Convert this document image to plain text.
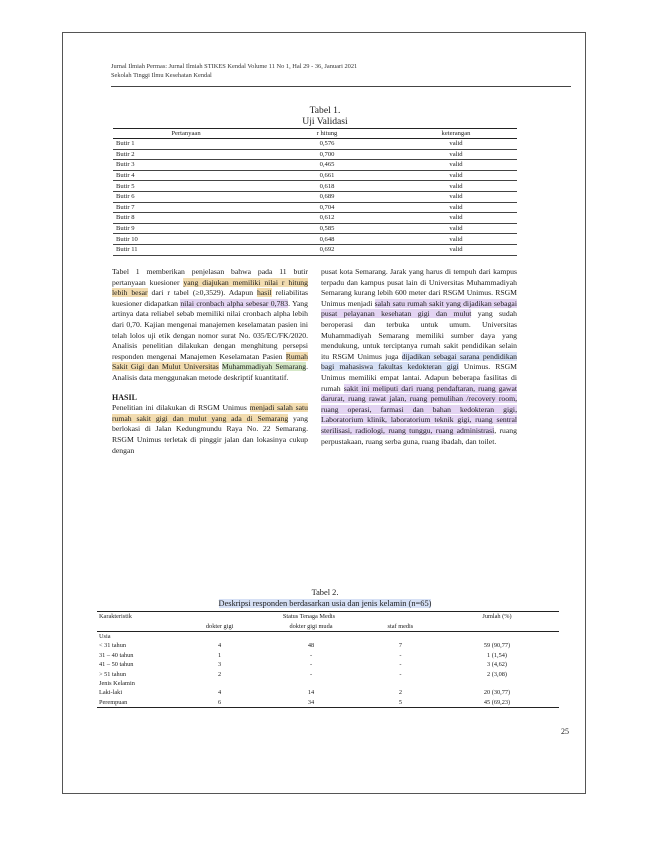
Jurnal Ilmiah Permas: Jurnal Ilmiah STIKES Kendal Volume 11 No 1, Hal 29 - 36, Januari 2021
Sekolah Tinggi Ilmu Kesehatan Kendal
Tabel 1.
Uji Validasi
Pertanyaan	r hitung	keterangan
Butir 1	0,576	valid
Butir 2	0,700	valid
Butir 3	0,465	valid
Butir 4	0,661	valid
Butir 5	0,618	valid
Butir 6	0,689	valid
Butir 7	0,704	valid
Butir 8	0,612	valid
Butir 9	0,585	valid
Butir 10	0,648	valid
Butir 11	0,692	valid

Tabel 1 memberikan penjelasan bahwa pada 11 butir pertanyaan kuesioner yang diajukan memiliki nilai r hitung lebih besar dari r tabel (≥0,3529). Adapun hasil reliabilitas kuesioner didapatkan nilai cronbach alpha sebesar 0,783. Yang artinya data reliabel sebab memiliki nilai cronbach alpha lebih dari 0,70. Kajian mengenai manajemen keselamatan pasien ini telah lolos uji etik dengan nomor surat No. 035/EC/FK/2020. Analisis penelitian dilakukan dengan menghitung persepsi responden mengenai Manajemen Keselamatan Pasien Rumah Sakit Gigi dan Mulut Universitas Muhammadiyah Semarang. Analisis data menggunakan metode deskriptif kuantitatif.

HASIL

Penelitian ini dilakukan di RSGM Unimus menjadi salah satu rumah sakit gigi dan mulut yang ada di Semarang yang berlokasi di Jalan Kedungmundu Raya No. 22 Semarang. RSGM Unimus terletak di pinggir jalan dan lokasinya cukup dengan

pusat kota Semarang. Jarak yang harus di tempuh dari kampus terpadu dan kampus pusat lain di Universitas Muhammadiyah Semarang kurang lebih 600 meter dari RSGM Unimus. RSGM Unimus menjadi salah satu rumah sakit yang dijadikan sebagai pusat pelayanan kesehatan gigi dan mulut yang sudah beroperasi dan terbuka untuk umum. Universitas Muhammadiyah Semarang memiliki sumber daya yang mendukung, untuk terciptanya rumah sakit pendidikan selain itu RSGM Unimus juga dijadikan sebagai sarana pendidikan bagi mahasiswa fakultas kedokteran gigi Unimus. RSGM Unimus memiliki empat lantai. Adapun beberapa fasilitas di rumah sakit ini meliputi dari ruang pendaftaran, ruang gawat darurat, ruang rawat jalan, ruang pemulihan /recovery room, ruang operasi, farmasi dan bahan kedokteran gigi, Laboratorium klinik, laboratorium teknik gigi, ruang sentral sterilisasi, radiologi, ruang tunggu, ruang administrasi, ruang perpustakaan, ruang serba guna, ruang ibadah, dan toilet.

Tabel 2.
Deskripsi responden berdasarkan usia dan jenis kelamin (n=65)
Karakteristik	Status Tenaga Medis			Jumlah (%)
	dokter gigi	dokter gigi muda	staf medis	
Usia				
< 31 tahun	4	48	7	59 (90,77)
31 – 40 tahun	1	-	-	1 (1,54)
41 – 50 tahun	3	-	-	3 (4,62)
> 51 tahun	2	-	-	2 (3,08)
Jenis Kelamin				
Laki-laki	4	14	2	20 (30,77)
Perempuan	6	34	5	45 (69,23)
25
